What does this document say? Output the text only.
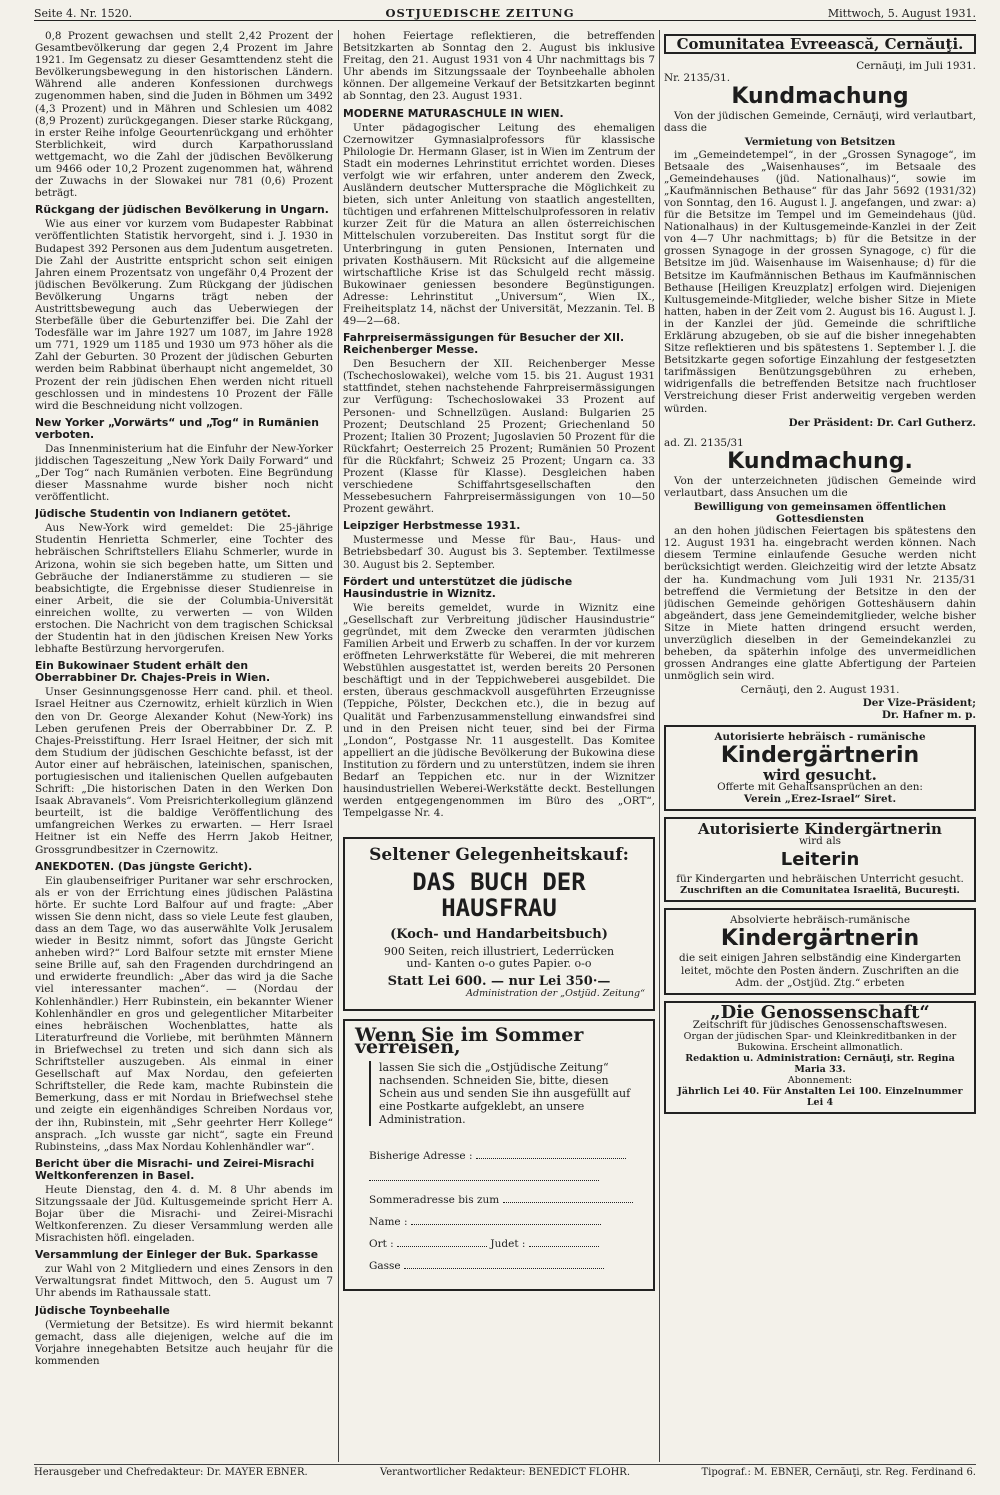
Seite 4. Nr. 1520.	OSTJUEDISCHE ZEITUNG	Mittwoch, 5. August 1931.

0,8 Prozent gewachsen und stellt 2,42 Prozent der Gesamtbevölkerung dar gegen 2,4 Prozent im Jahre 1921. Im Gegensatz zu dieser Gesamttendenz steht die Bevölkerungsbewegung in den historischen Ländern. Während alle anderen Konfessionen durchwegs zugenommen haben, sind die Juden in Böhmen um 3492 (4,3 Prozent) und in Mähren und Schlesien um 4082 (8,9 Prozent) zurückgegangen. Dieser starke Rückgang, in erster Reihe infolge Geourtenrückgang und erhöhter Sterblichkeit, wird durch Karpathorussland wettgemacht, wo die Zahl der jüdischen Bevölkerung um 9466 oder 10,2 Prozent zugenommen hat, während der Zuwachs in der Slowakei nur 781 (0,6) Prozent beträgt.

Rückgang der jüdischen Bevölkerung in Ungarn.

Wie aus einer vor kurzem vom Budapester Rabbinat veröffentlichten Statistik hervorgeht, sind i. J. 1930 in Budapest 392 Personen aus dem Judentum ausgetreten. Die Zahl der Austritte entspricht schon seit einigen Jahren einem Prozentsatz von ungefähr 0,4 Prozent der jüdischen Bevölkerung. Zum Rückgang der jüdischen Bevölkerung Ungarns trägt neben der Austrittsbewegung auch das Ueberwiegen der Sterbefälle über die Geburtenziffer bei. Die Zahl der Todesfälle war im Jahre 1927 um 1087, im Jahre 1928 um 771, 1929 um 1185 und 1930 um 973 höher als die Zahl der Geburten. 30 Prozent der jüdischen Geburten werden beim Rabbinat überhaupt nicht angemeldet, 30 Prozent der rein jüdischen Ehen werden nicht rituell geschlossen und in mindestens 10 Prozent der Fälle wird die Beschneidung nicht vollzogen.

New Yorker „Vorwärts“ und „Tog“ in Rumänien verboten.

Das Innenministerium hat die Einfuhr der New-Yorker jiddischen Tageszeitung „New York Daily Forward“ und „Der Tog“ nach Rumänien verboten. Eine Begründung dieser Massnahme wurde bisher noch nicht veröffentlicht.

Jüdische Studentin von Indianern getötet.

Aus New-York wird gemeldet: Die 25-jährige Studentin Henrietta Schmerler, eine Tochter des hebräischen Schriftstellers Eliahu Schmerler, wurde in Arizona, wohin sie sich begeben hatte, um Sitten und Gebräuche der Indianerstämme zu studieren — sie beabsichtigte, die Ergebnisse dieser Studienreise in einer Arbeit, die sie der Columbia-Universität einreichen wollte, zu verwerten — von Wilden erstochen. Die Nachricht von dem tragischen Schicksal der Studentin hat in den jüdischen Kreisen New Yorks lebhafte Bestürzung hervorgerufen.

Ein Bukowinaer Student erhält den Oberrabbiner Dr. Chajes-Preis in Wien.

Unser Gesinnungsgenosse Herr cand. phil. et theol. Israel Heitner aus Czernowitz, erhielt kürzlich in Wien den von Dr. George Alexander Kohut (New-York) ins Leben gerufenen Preis der Oberrabbiner Dr. Z. P. Chajes-Preisstiftung. Herr Israel Heitner, der sich mit dem Studium der jüdischen Geschichte befasst, ist der Autor einer auf hebräischen, lateinischen, spanischen, portugiesischen und italienischen Quellen aufgebauten Schrift: „Die historischen Daten in den Werken Don Isaak Abravanels“. Vom Preisrichterkollegium glänzend beurteilt, ist die baldige Veröffentlichung des umfangreichen Werkes zu erwarten. — Herr Israel Heitner ist ein Neffe des Herrn Jakob Heitner, Grossgrundbesitzer in Czernowitz.

ANEKDOTEN. (Das jüngste Gericht).

Ein glaubenseifriger Puritaner war sehr erschrocken, als er von der Errichtung eines jüdischen Palästina hörte. Er suchte Lord Balfour auf und fragte: „Aber wissen Sie denn nicht, dass so viele Leute fest glauben, dass an dem Tage, wo das auserwählte Volk Jerusalem wieder in Besitz nimmt, sofort das Jüngste Gericht anheben wird?“ Lord Balfour setzte mit ernster Miene seine Brille auf, sah den Fragenden durchdringend an und erwiderte freundlich: „Aber das wird ja die Sache viel interessanter machen“. — (Nordau der Kohlenhändler.) Herr Rubinstein, ein bekannter Wiener Kohlenhändler en gros und gelegentlicher Mitarbeiter eines hebräischen Wochenblattes, hatte als Literaturfreund die Vorliebe, mit berühmten Männern in Briefwechsel zu treten und sich dann sich als Schriftsteller auszugeben. Als einmal in einer Gesellschaft auf Max Nordau, den gefeierten Schriftsteller, die Rede kam, machte Rubinstein die Bemerkung, dass er mit Nordau in Briefwechsel stehe und zeigte ein eigenhändiges Schreiben Nordaus vor, der ihn, Rubinstein, mit „Sehr geehrter Herr Kollege“ ansprach. „Ich wusste gar nicht“, sagte ein Freund Rubinsteins, „dass Max Nordau Kohlenhändler war“.

Bericht über die Misrachi- und Zeirei-Misrachi Weltkonferenzen in Basel.

Heute Dienstag, den 4. d. M. 8 Uhr abends im Sitzungssaale der Jüd. Kultusgemeinde spricht Herr A. Bojar über die Misrachi- und Zeirei-Misrachi Weltkonferenzen. Zu dieser Versammlung werden alle Misrachisten höfl. eingeladen.

Versammlung der Einleger der Buk. Sparkasse

zur Wahl von 2 Mitgliedern und eines Zensors in den Verwaltungsrat findet Mittwoch, den 5. August um 7 Uhr abends im Rathaussale statt.

Jüdische Toynbeehalle

(Vermietung der Betsitze). Es wird hiermit bekannt gemacht, dass alle diejenigen, welche auf die im Vorjahre innegehabten Betsitze auch heujahr für die kommenden

hohen Feiertage reflektieren, die betreffenden Betsitzkarten ab Sonntag den 2. August bis inklusive Freitag, den 21. August 1931 von 4 Uhr nachmittags bis 7 Uhr abends im Sitzungssaale der Toynbeehalle abholen können. Der allgemeine Verkauf der Betsitzkarten beginnt ab Sonntag, den 23. August 1931.

MODERNE MATURASCHULE IN WIEN.

Unter pädagogischer Leitung des ehemaligen Czernowitzer Gymnasialprofessors für klassische Philologie Dr. Hermann Glaser, ist in Wien im Zentrum der Stadt ein modernes Lehrinstitut errichtet worden. Dieses verfolgt wie wir erfahren, unter anderem den Zweck, Ausländern deutscher Muttersprache die Möglichkeit zu bieten, sich unter Anleitung von staatlich angestellten, tüchtigen und erfahrenen Mittelschulprofessoren in relativ kurzer Zeit für die Matura an allen österreichischen Mittelschulen vorzubereiten. Das Institut sorgt für die Unterbringung in guten Pensionen, Internaten und privaten Kosthäusern. Mit Rücksicht auf die allgemeine wirtschaftliche Krise ist das Schulgeld recht mässig. Bukowinaer geniessen besondere Begünstigungen. Adresse: Lehrinstitut „Universum“, Wien IX., Freiheitsplatz 14, nächst der Universität, Mezzanin. Tel. B 49—2—68.

Fahrpreisermässigungen für Besucher der XII. Reichenberger Messe.

Den Besuchern der XII. Reichenberger Messe (Tschechoslowakei), welche vom 15. bis 21. August 1931 stattfindet, stehen nachstehende Fahrpreisermässigungen zur Verfügung: Tschechoslowakei 33 Prozent auf Personen- und Schnellzügen. Ausland: Bulgarien 25 Prozent; Deutschland 25 Prozent; Griechenland 50 Prozent; Italien 30 Prozent; Jugoslavien 50 Prozent für die Rückfahrt; Oesterreich 25 Prozent; Rumänien 50 Prozent für die Rückfahrt; Schweiz 25 Prozent; Ungarn ca. 33 Prozent (Klasse für Klasse). Desgleichen haben verschiedene Schiffahrtsgesellschaften den Messebesuchern Fahrpreisermässigungen von 10—50 Prozent gewährt.

Leipziger Herbstmesse 1931.

Mustermesse und Messe für Bau-, Haus- und Betriebsbedarf 30. August bis 3. September. Textilmesse 30. August bis 2. September.

Fördert und unterstützet die jüdische Hausindustrie in Wiznitz.

Wie bereits gemeldet, wurde in Wiznitz eine „Gesellschaft zur Verbreitung jüdischer Hausindustrie“ gegründet, mit dem Zwecke den verarmten jüdischen Familien Arbeit und Erwerb zu schaffen. In der vor kurzem eröffneten Lehrwerkstätte für Weberei, die mit mehreren Webstühlen ausgestattet ist, werden bereits 20 Personen beschäftigt und in der Teppichweberei ausgebildet. Die ersten, überaus geschmackvoll ausgeführten Erzeugnisse (Teppiche, Pölster, Deckchen etc.), die in bezug auf Qualität und Farbenzusammenstellung einwandsfrei sind und in den Preisen nicht teuer, sind bei der Firma „London“, Postgasse Nr. 11 ausgestellt. Das Komitee appelliert an die jüdische Bevölkerung der Bukowina diese Institution zu fördern und zu unterstützen, indem sie ihren Bedarf an Teppichen etc. nur in der Wiznitzer hausindustriellen Weberei-Werkstätte deckt. Bestellungen werden entgegengenommen im Büro des „ORT“, Tempelgasse Nr. 4.

Seltener Gelegenheitskauf:
DAS BUCH DER HAUSFRAU
(Koch- und Handarbeitsbuch)
900 Seiten, reich illustriert, Lederrücken und- Kanten o-o gutes Papier. o-o
Statt Lei 600. — nur Lei 350·—
Administration der „Ostjüd. Zeitung“
Wenn Sie im Sommer verreisen,
lassen Sie sich die „Ostjüdische Zeitung“ nachsenden. Schneiden Sie, bitte, diesen Schein aus und senden Sie ihn ausgefüllt auf eine Postkarte aufgeklebt, an unsere Administration.
Bisherige Adresse :
Sommeradresse bis zum
Name :
Ort :	Judet :
Gasse
Comunitatea Evreească, Cernăuţi.
Cernăuţi, im Juli 1931.
Nr. 2135/31.
Kundmachung

Von der jüdischen Gemeinde, Cernăuţi, wird verlautbart, dass die

Vermietung von Betsitzen

im „Gemeindetempel“, in der „Grossen Synagoge“, im Betsaale des „Waisenhauses“, im Betsaale des „Gemeindehauses (jüd. Nationalhaus)“, sowie im „Kaufmännischen Bethause“ für das Jahr 5692 (1931/32) von Sonntag, den 16. August l. J. angefangen, und zwar: a) für die Betsitze im Tempel und im Gemeindehaus (jüd. Nationalhaus) in der Kultusgemeinde-Kanzlei in der Zeit von 4—7 Uhr nachmittags; b) für die Betsitze in der grossen Synagoge in der grossen Synagoge, c) für die Betsitze im jüd. Waisenhause im Waisenhause; d) für die Betsitze im Kaufmännischen Bethaus im Kaufmännischen Bethause [Heiligen Kreuzplatz] erfolgen wird. Diejenigen Kultusgemeinde-Mitglieder, welche bisher Sitze in Miete hatten, haben in der Zeit vom 2. August bis 16. August l. J. in der Kanzlei der jüd. Gemeinde die schriftliche Erklärung abzugeben, ob sie auf die bisher innegehabten Sitze reflektieren und bis spätestens 1. September l. J. die Betsitzkarte gegen sofortige Einzahlung der festgesetzten tarifmässigen Benützungsgebühren zu erheben, widrigenfalls die betreffenden Betsitze nach fruchtloser Verstreichung dieser Frist anderweitig vergeben werden würden.

Der Präsident: Dr. Carl Gutherz.
ad. Zl. 2135/31
Kundmachung.

Von der unterzeichneten jüdischen Gemeinde wird verlautbart, dass Ansuchen um die

Bewilligung von gemeinsamen öffentlichen Gottesdiensten

an den hohen jüdischen Feiertagen bis spätestens den 12. August 1931 ha. eingebracht werden können. Nach diesem Termine einlaufende Gesuche werden nicht berücksichtigt werden. Gleichzeitig wird der letzte Absatz der ha. Kundmachung vom Juli 1931 Nr. 2135/31 betreffend die Vermietung der Betsitze in den der jüdischen Gemeinde gehörigen Gotteshäusern dahin abgeändert, dass jene Gemeindemitglieder, welche bisher Sitze in Miete hatten dringend ersucht werden, unverzüglich dieselben in der Gemeindekanzlei zu beheben, da späterhin infolge des unvermeidlichen grossen Andranges eine glatte Abfertigung der Parteien unmöglich sein wird.

Cernăuţi, den 2. August 1931.
Der Vize-Präsident;
Dr. Hafner m. p.
Autorisierte hebräisch - rumänische
Kindergärtnerin
wird gesucht.
Offerte mit Gehaltsansprüchen an den:
Verein „Erez-Israel“ Siret.
Autorisierte Kindergärtnerin
wird als
Leiterin
für Kindergarten und hebräischen Unterricht gesucht.
Zuschriften an die Comunitatea Israelită, Bucureşti.
Absolvierte hebräisch-rumänische
Kindergärtnerin
die seit einigen Jahren selbständig eine Kindergarten leitet, möchte den Posten ändern. Zuschriften an die Adm. der „Ostjüd. Ztg.“ erbeten
„Die Genossenschaft“
Zeitschrift für jüdisches Genossenschaftswesen.
Organ der jüdischen Spar- und Kleinkreditbanken in der Bukowina. Erscheint allmonatlich.
Redaktion u. Administration: Cernăuţi, str. Regina Maria 33.
Abonnement:
Jährlich Lei 40. Für Anstalten Lei 100. Einzelnummer Lei 4
Herausgeber und Chefredakteur: Dr. MAYER EBNER.	Verantwortlicher Redakteur: BENEDICT FLOHR.	Tipograf.: M. EBNER, Cernăuţi, str. Reg. Ferdinand 6.
